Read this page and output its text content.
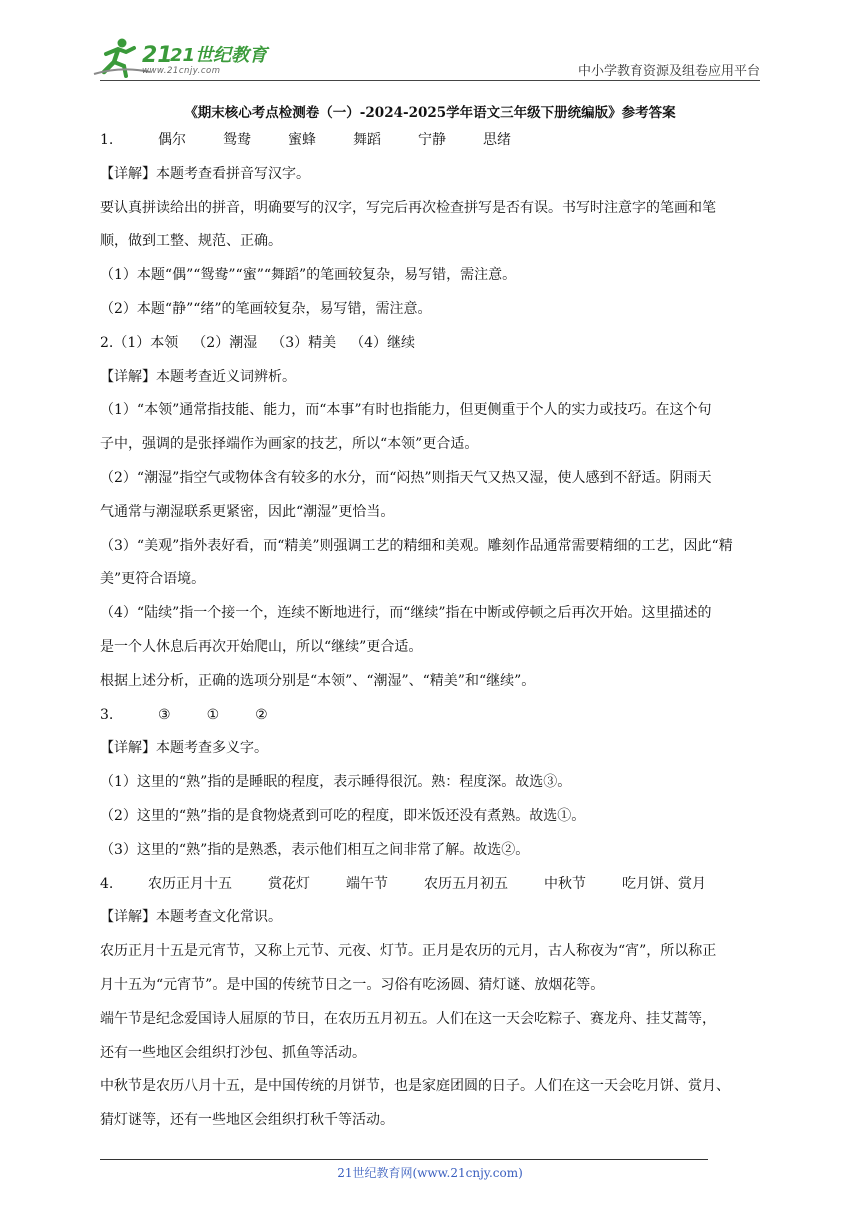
21
21世纪教育
www.21cnjy.com	中小学教育资源及组卷应用平台
《期末核心考点检测卷（一）-2024-2025学年语文三年级下册统编版》参考答案

1.	偶尔	鸳鸯	蜜蜂	舞蹈	宁静	思绪

【详解】本题考查看拼音写汉字。

要认真拼读给出的拼音，明确要写的汉字，写完后再次检查拼写是否有误。书写时注意字的笔画和笔

顺，做到工整、规范、正确。

（1）本题“偶”“鸳鸯”“蜜”“舞蹈”的笔画较复杂，易写错，需注意。

（2）本题“静”“绪”的笔画较复杂，易写错，需注意。

2.（1）本领 （2）潮湿 （3）精美 （4）继续

【详解】本题考查近义词辨析。

（1）“本领”通常指技能、能力，而“本事”有时也指能力，但更侧重于个人的实力或技巧。在这个句

子中，强调的是张择端作为画家的技艺，所以“本领”更合适。

（2）“潮湿”指空气或物体含有较多的水分，而“闷热”则指天气又热又湿，使人感到不舒适。阴雨天

气通常与潮湿联系更紧密，因此“潮湿”更恰当。

（3）“美观”指外表好看，而“精美”则强调工艺的精细和美观。雕刻作品通常需要精细的工艺，因此“精

美”更符合语境。

（4）“陆续”指一个接一个，连续不断地进行，而“继续”指在中断或停顿之后再次开始。这里描述的

是一个人休息后再次开始爬山，所以“继续”更合适。

根据上述分析，正确的选项分别是“本领”、“潮湿”、“精美”和“继续”。

3.	③	①	②

【详解】本题考查多义字。

（1）这里的“熟”指的是睡眠的程度，表示睡得很沉。熟：程度深。故选③。

（2）这里的“熟”指的是食物烧煮到可吃的程度，即米饭还没有煮熟。故选①。

（3）这里的“熟”指的是熟悉，表示他们相互之间非常了解。故选②。

4.	农历正月十五	赏花灯	端午节	农历五月初五	中秋节	吃月饼、赏月

【详解】本题考查文化常识。

农历正月十五是元宵节，又称上元节、元夜、灯节。正月是农历的元月，古人称夜为“宵”，所以称正

月十五为“元宵节”。是中国的传统节日之一。习俗有吃汤圆、猜灯谜、放烟花等。

端午节是纪念爱国诗人屈原的节日，在农历五月初五。人们在这一天会吃粽子、赛龙舟、挂艾蒿等，

还有一些地区会组织打沙包、抓鱼等活动。

中秋节是农历八月十五，是中国传统的月饼节，也是家庭团圆的日子。人们在这一天会吃月饼、赏月、

猜灯谜等，还有一些地区会组织打秋千等活动。

21世纪教育网(www.21cnjy.com)
